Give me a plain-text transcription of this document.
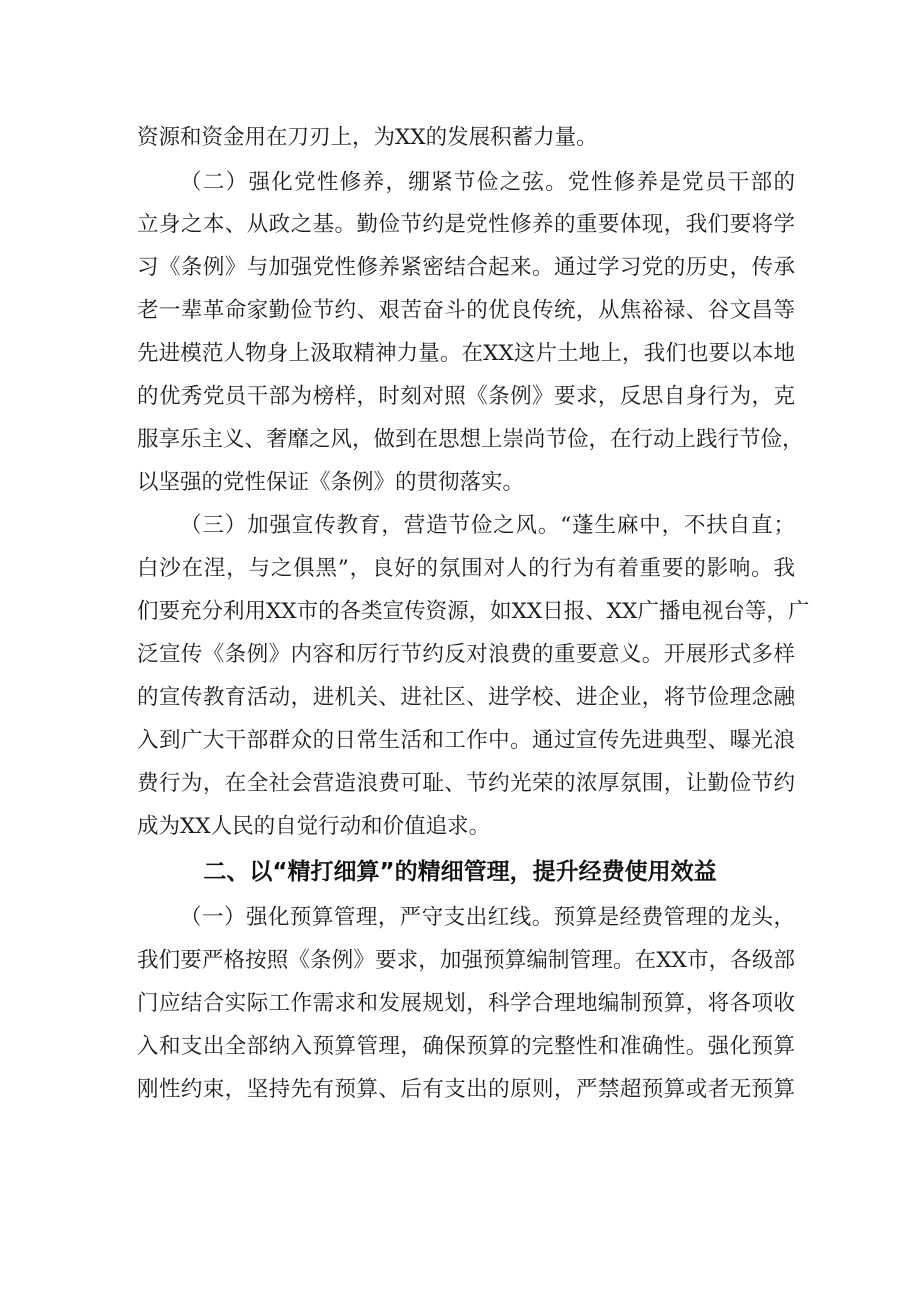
资源和资金用在刀刃上，为XX的发展积蓄力量。
（二）强化党性修养，绷紧节俭之弦。党性修养是党员干部的
立身之本、从政之基。勤俭节约是党性修养的重要体现，我们要将学
习《条例》与加强党性修养紧密结合起来。通过学习党的历史，传承
老一辈革命家勤俭节约、艰苦奋斗的优良传统，从焦裕禄、谷文昌等
先进模范人物身上汲取精神力量。在XX这片土地上，我们也要以本地
的优秀党员干部为榜样，时刻对照《条例》要求，反思自身行为，克
服享乐主义、奢靡之风，做到在思想上崇尚节俭，在行动上践行节俭，
以坚强的党性保证《条例》的贯彻落实。
（三）加强宣传教育，营造节俭之风。“蓬生麻中，不扶自直；
白沙在涅，与之俱黑”，良好的氛围对人的行为有着重要的影响。我
们要充分利用XX市的各类宣传资源，如XX日报、XX广播电视台等，广
泛宣传《条例》内容和厉行节约反对浪费的重要意义。开展形式多样
的宣传教育活动，进机关、进社区、进学校、进企业，将节俭理念融
入到广大干部群众的日常生活和工作中。通过宣传先进典型、曝光浪
费行为，在全社会营造浪费可耻、节约光荣的浓厚氛围，让勤俭节约
成为XX人民的自觉行动和价值追求。
二、以“精打细算”的精细管理，提升经费使用效益
（一）强化预算管理，严守支出红线。预算是经费管理的龙头，
我们要严格按照《条例》要求，加强预算编制管理。在XX市，各级部
门应结合实际工作需求和发展规划，科学合理地编制预算，将各项收
入和支出全部纳入预算管理，确保预算的完整性和准确性。强化预算
刚性约束，坚持先有预算、后有支出的原则，严禁超预算或者无预算
